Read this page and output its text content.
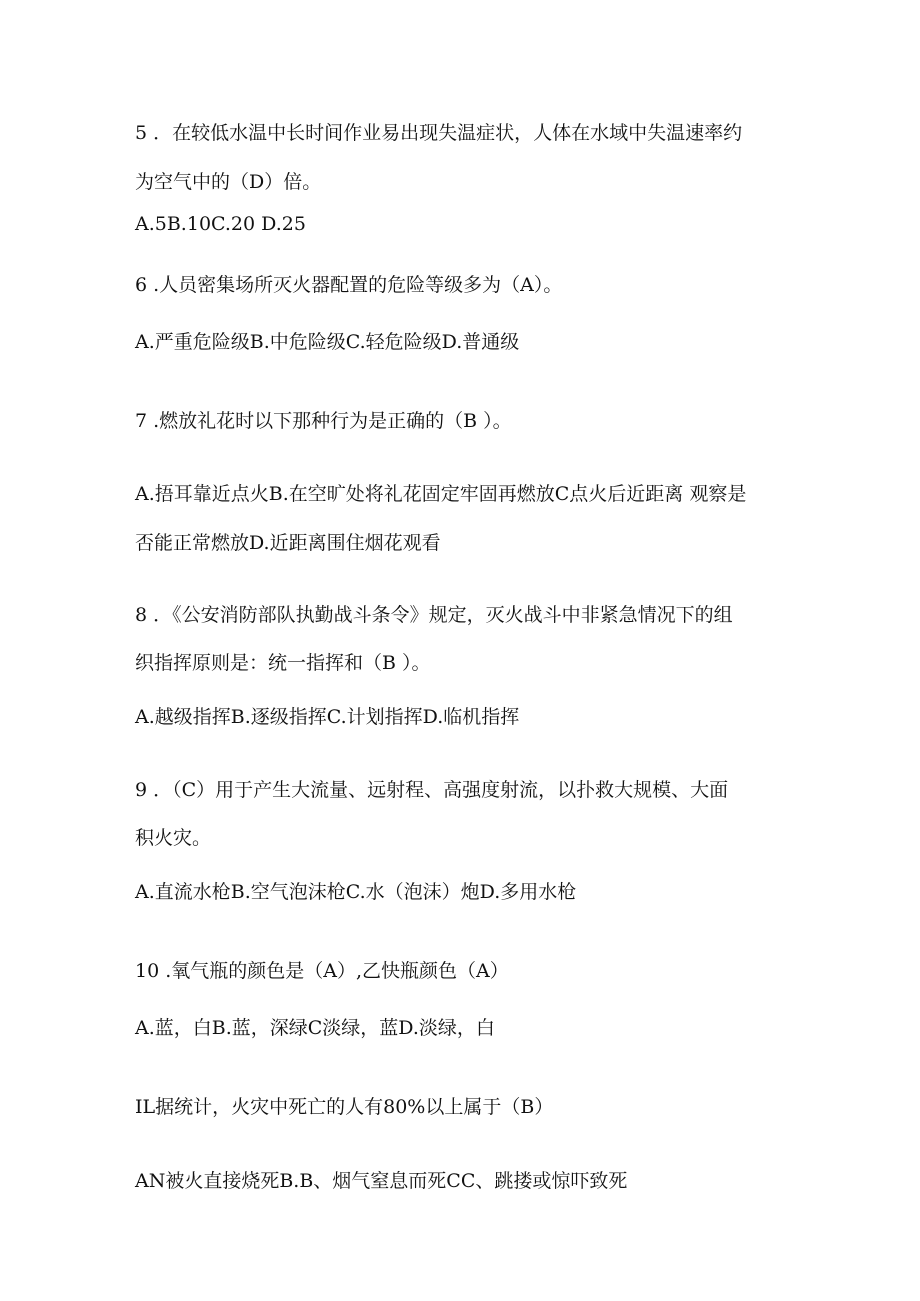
5 ．在较低水温中长时间作业易出现失温症状，人体在水域中失温速率约
为空气中的（D）倍。
A.5B.10C.20 D.25
6 .人员密集场所灭火器配置的危险等级多为（A）。
A.严重危险级B.中危险级C.轻危险级D.普通级
7 .燃放礼花时以下那种行为是正确的（B ）。
A.捂耳靠近点火B.在空旷处将礼花固定牢固再燃放C点火后近距离 观察是
否能正常燃放D.近距离围住烟花观看
8 ．《公安消防部队执勤战斗条令》规定，灭火战斗中非紧急情况下的组
织指挥原则是：统一指挥和（B ）。
A.越级指挥B.逐级指挥C.计划指挥D.临机指挥
9 ．（C）用于产生大流量、远射程、高强度射流，以扑救大规模、大面
积火灾。
A.直流水枪B.空气泡沫枪C.水（泡沫）炮D.多用水枪
10 .氧气瓶的颜色是（A）,乙快瓶颜色（A）
A.蓝，白B.蓝，深绿C淡绿，蓝D.淡绿，白
IL据统计，火灾中死亡的人有80%以上属于（B）
AN被火直接烧死B.B、烟气窒息而死CC、跳搂或惊吓致死
